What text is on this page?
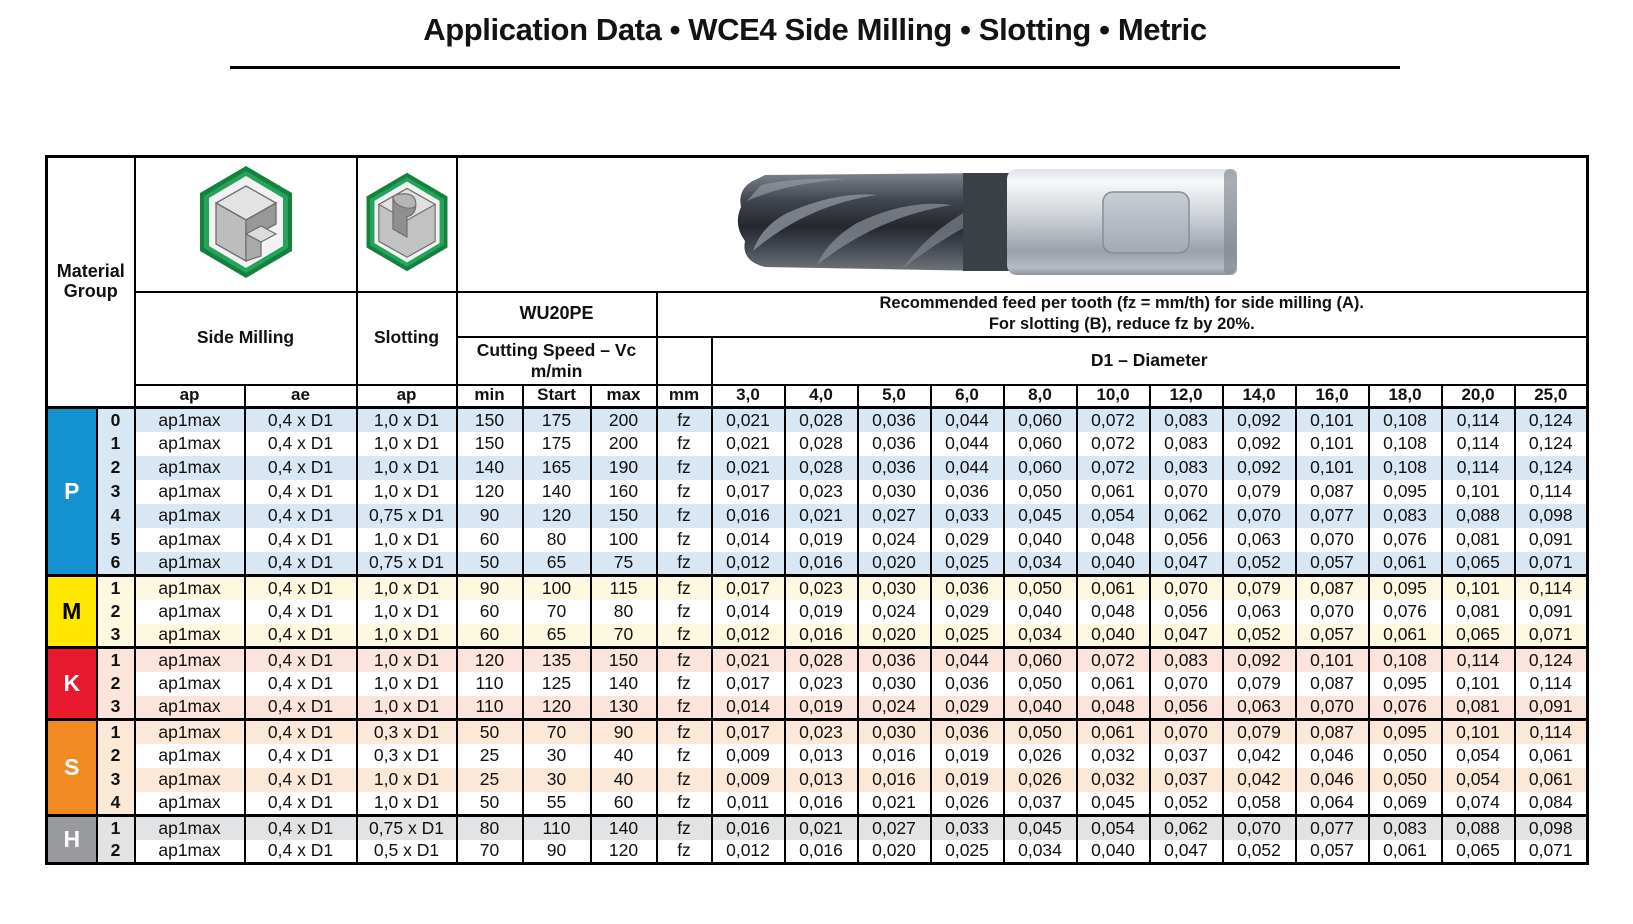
Application Data • WCE4 Side Milling • Slotting • Metric
Material Group			

		Side Milling		Slotting	WU20PE			Recommended feed per tooth (fz = mm/th) for side milling (A).
For slotting (B), reduce fz by 20%.												

					Cutting Speed – Vc
m/min				D1 – Diameter											
		ap	ae	ap	min	Start	max	mm	3,0	4,0	5,0	6,0	8,0	10,0	12,0	14,0	16,0	18,0	20,0	25,0
P	0	ap1max	0,4 x D1	1,0 x D1	150	175	200	fz	0,021	0,028	0,036	0,044	0,060	0,072	0,083	0,092	0,101	0,108	0,114	0,124
	1	ap1max	0,4 x D1	1,0 x D1	150	175	200	fz	0,021	0,028	0,036	0,044	0,060	0,072	0,083	0,092	0,101	0,108	0,114	0,124
	2	ap1max	0,4 x D1	1,0 x D1	140	165	190	fz	0,021	0,028	0,036	0,044	0,060	0,072	0,083	0,092	0,101	0,108	0,114	0,124
	3	ap1max	0,4 x D1	1,0 x D1	120	140	160	fz	0,017	0,023	0,030	0,036	0,050	0,061	0,070	0,079	0,087	0,095	0,101	0,114
	4	ap1max	0,4 x D1	0,75 x D1	90	120	150	fz	0,016	0,021	0,027	0,033	0,045	0,054	0,062	0,070	0,077	0,083	0,088	0,098
	5	ap1max	0,4 x D1	1,0 x D1	60	80	100	fz	0,014	0,019	0,024	0,029	0,040	0,048	0,056	0,063	0,070	0,076	0,081	0,091
	6	ap1max	0,4 x D1	0,75 x D1	50	65	75	fz	0,012	0,016	0,020	0,025	0,034	0,040	0,047	0,052	0,057	0,061	0,065	0,071
M	1	ap1max	0,4 x D1	1,0 x D1	90	100	115	fz	0,017	0,023	0,030	0,036	0,050	0,061	0,070	0,079	0,087	0,095	0,101	0,114
	2	ap1max	0,4 x D1	1,0 x D1	60	70	80	fz	0,014	0,019	0,024	0,029	0,040	0,048	0,056	0,063	0,070	0,076	0,081	0,091
	3	ap1max	0,4 x D1	1,0 x D1	60	65	70	fz	0,012	0,016	0,020	0,025	0,034	0,040	0,047	0,052	0,057	0,061	0,065	0,071
K	1	ap1max	0,4 x D1	1,0 x D1	120	135	150	fz	0,021	0,028	0,036	0,044	0,060	0,072	0,083	0,092	0,101	0,108	0,114	0,124
	2	ap1max	0,4 x D1	1,0 x D1	110	125	140	fz	0,017	0,023	0,030	0,036	0,050	0,061	0,070	0,079	0,087	0,095	0,101	0,114
	3	ap1max	0,4 x D1	1,0 x D1	110	120	130	fz	0,014	0,019	0,024	0,029	0,040	0,048	0,056	0,063	0,070	0,076	0,081	0,091
S	1	ap1max	0,4 x D1	0,3 x D1	50	70	90	fz	0,017	0,023	0,030	0,036	0,050	0,061	0,070	0,079	0,087	0,095	0,101	0,114
	2	ap1max	0,4 x D1	0,3 x D1	25	30	40	fz	0,009	0,013	0,016	0,019	0,026	0,032	0,037	0,042	0,046	0,050	0,054	0,061
	3	ap1max	0,4 x D1	1,0 x D1	25	30	40	fz	0,009	0,013	0,016	0,019	0,026	0,032	0,037	0,042	0,046	0,050	0,054	0,061
	4	ap1max	0,4 x D1	1,0 x D1	50	55	60	fz	0,011	0,016	0,021	0,026	0,037	0,045	0,052	0,058	0,064	0,069	0,074	0,084
H	1	ap1max	0,4 x D1	0,75 x D1	80	110	140	fz	0,016	0,021	0,027	0,033	0,045	0,054	0,062	0,070	0,077	0,083	0,088	0,098
	2	ap1max	0,4 x D1	0,5 x D1	70	90	120	fz	0,012	0,016	0,020	0,025	0,034	0,040	0,047	0,052	0,057	0,061	0,065	0,071
